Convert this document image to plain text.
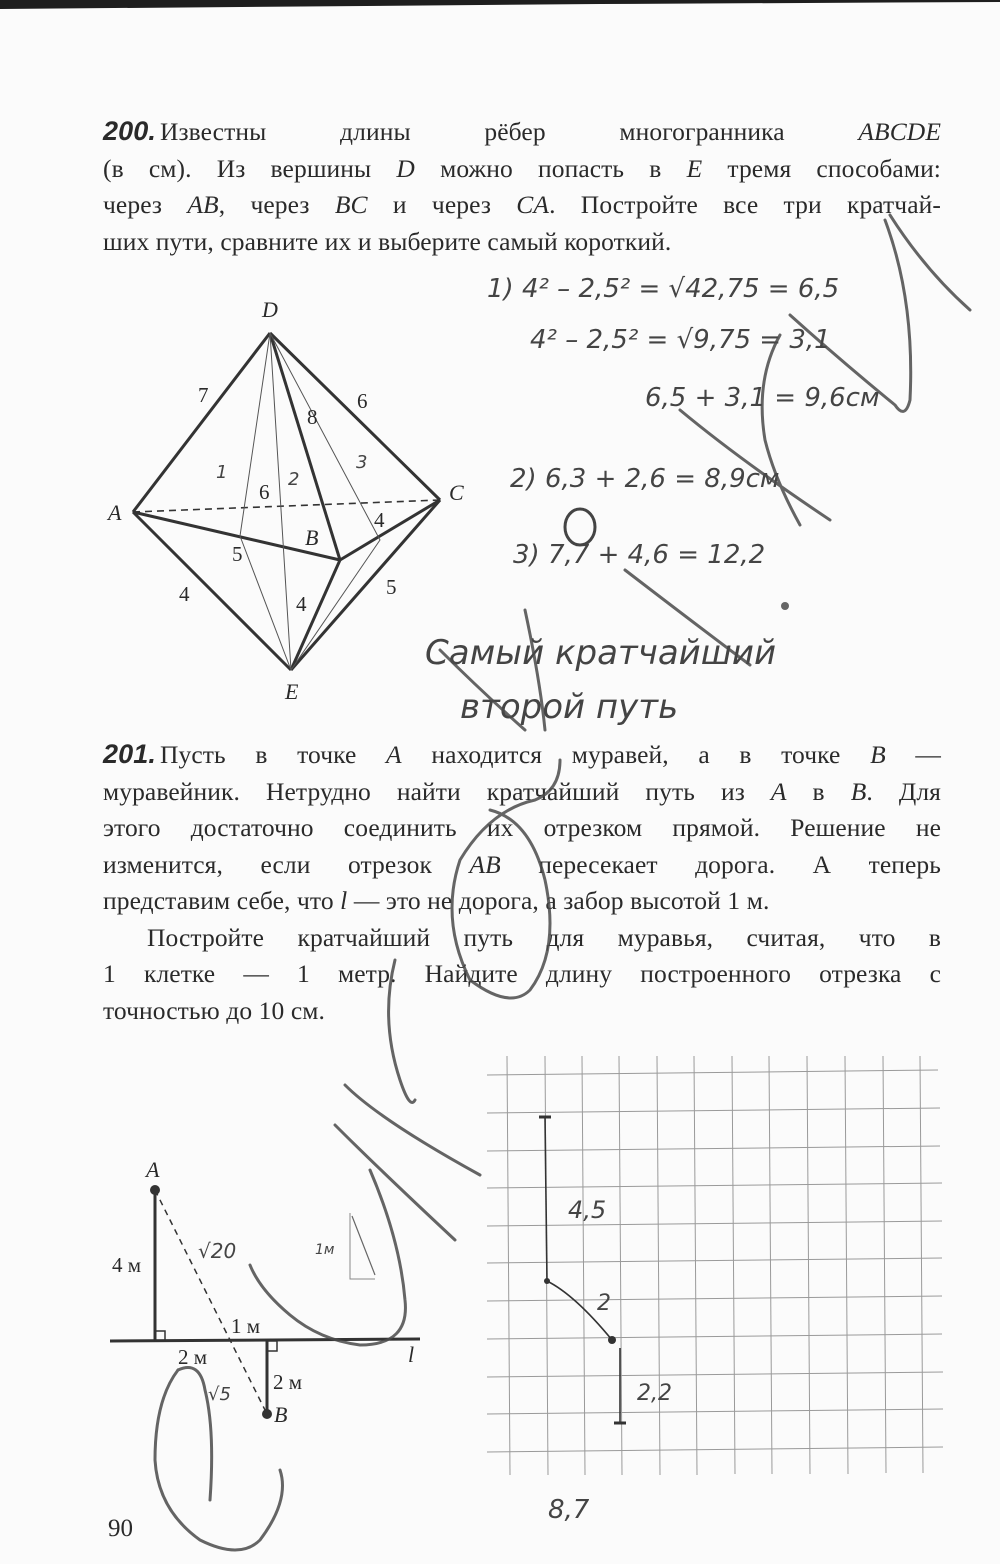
200. Известны длины рёбер многогранника ABCDE
(в см). Из вершины D можно попасть в E тремя способами:
через AB, через BC и через CA. Постройте все три кратчай-
ших пути, сравните их и выберите самый короткий.
201. Пусть в точке A находится муравей, а в точке B —
муравейник. Нетрудно найти кратчайший путь из A в B. Для
этого достаточно соединить их отрезком прямой. Решение не
изменится, если отрезок AB пересекает дорога. А теперь
представим себе, что l — это не дорога, а забор высотой 1 м.
Постройте кратчайший путь для муравья, считая, что в
1 клетке — 1 метр. Найдите длину построенного отрезка с
точностью до 10 см.
D
A
C
B
E
7	6
8
6
5
4
4	4
5
1	2
3
1) 4² – 2,5² = √42,75 = 6,5
4² – 2,5² = √9,75 = 3,1
6,5 + 3,1 = 9,6см
2) 6,3 + 2,6 = 8,9см
3) 7,7 + 4,6 = 12,2
Самый кратчайший
второй путь
A
B
l
4 м
1 м
2 м
2 м
√20
√5
1м
4,5
2
2,2
8,7
90
